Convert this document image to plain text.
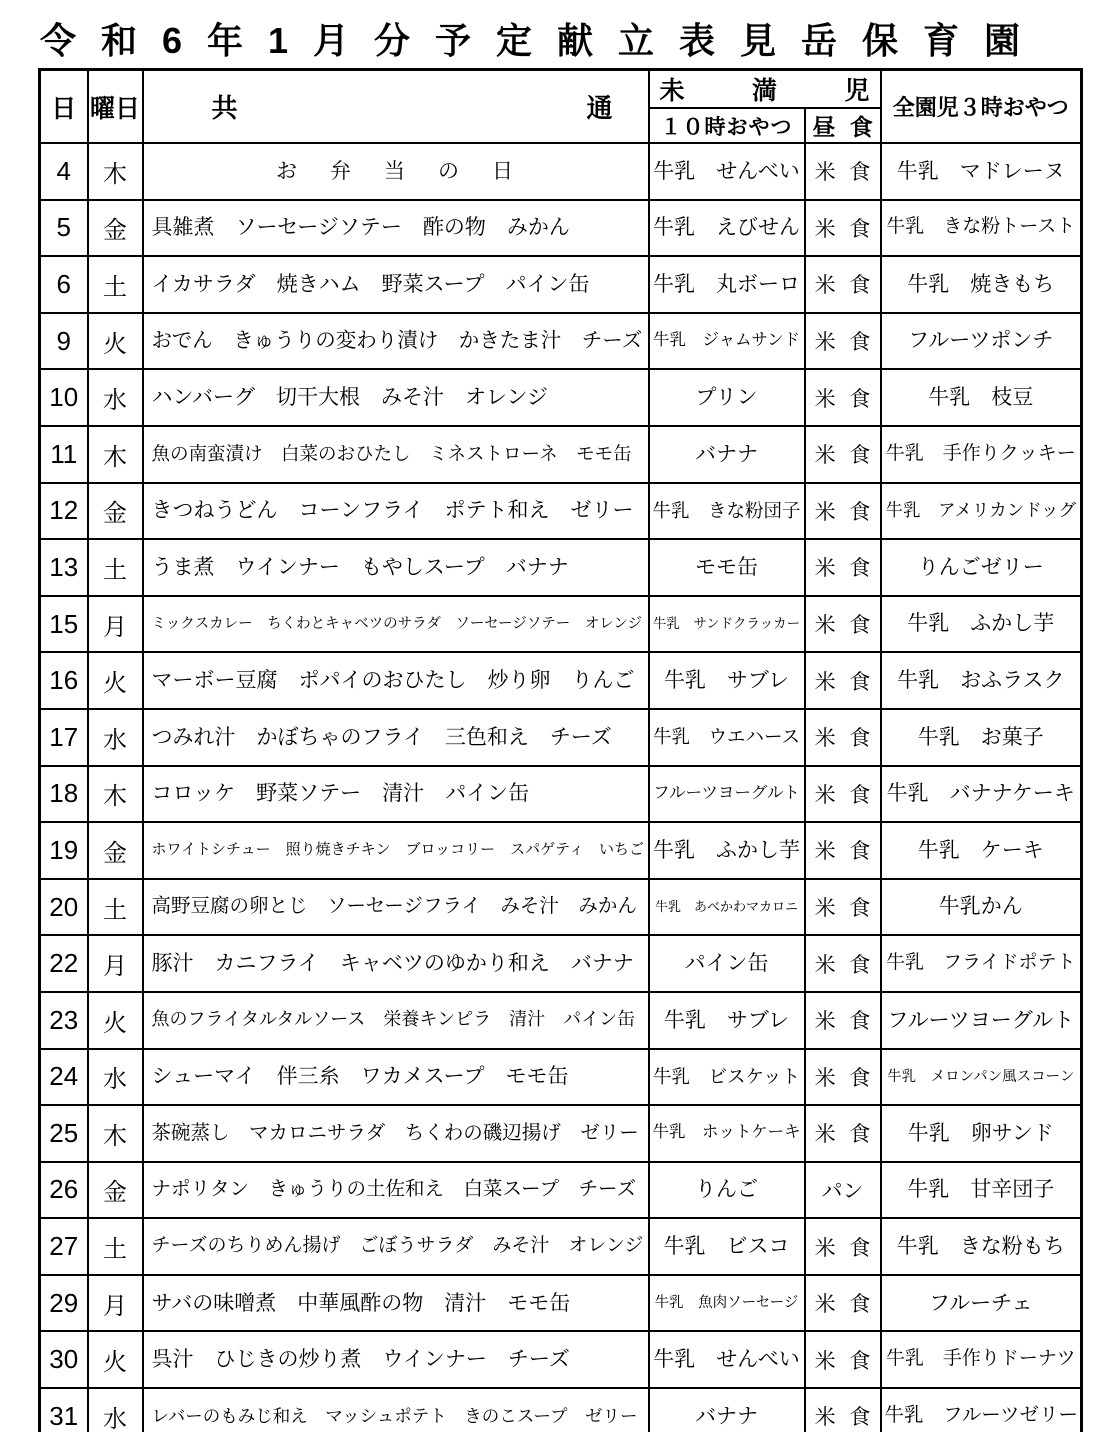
令和6年1月分予定献立表見岳保育園
日	曜日	共 通	未 満 児		全園児３時おやつ
			１０時おやつ	昼 食	
4	木	お　弁　当　の　日	牛乳　せんべい	米 食	牛乳　マドレーヌ
5	金	具雑煮　ソーセージソテー　酢の物　みかん	牛乳　えびせん	米 食	牛乳　きな粉トースト
6	土	イカサラダ　焼きハム　野菜スープ　パイン缶	牛乳　丸ボーロ	米 食	牛乳　焼きもち
9	火	おでん　きゅうりの変わり漬け　かきたま汁　チーズ	牛乳　ジャムサンド	米 食	フルーツポンチ
10	水	ハンバーグ　切干大根　みそ汁　オレンジ	プリン	米 食	牛乳　枝豆
11	木	魚の南蛮漬け　白菜のおひたし　ミネストローネ　モモ缶	バナナ	米 食	牛乳　手作りクッキー
12	金	きつねうどん　コーンフライ　ポテト和え　ゼリー	牛乳　きな粉団子	米 食	牛乳　アメリカンドッグ
13	土	うま煮　ウインナー　もやしスープ　バナナ	モモ缶	米 食	りんごゼリー
15	月	ミックスカレー　ちくわとキャベツのサラダ　ソーセージソテー　オレンジ	牛乳　サンドクラッカー	米 食	牛乳　ふかし芋
16	火	マーボー豆腐　ポパイのおひたし　炒り卵　りんご	牛乳　サブレ	米 食	牛乳　おふラスク
17	水	つみれ汁　かぼちゃのフライ　三色和え　チーズ	牛乳　ウエハース	米 食	牛乳　お菓子
18	木	コロッケ　野菜ソテー　清汁　パイン缶	フルーツヨーグルト	米 食	牛乳　バナナケーキ
19	金	ホワイトシチュー　照り焼きチキン　ブロッコリー　スパゲティ　いちご	牛乳　ふかし芋	米 食	牛乳　ケーキ
20	土	高野豆腐の卵とじ　ソーセージフライ　みそ汁　みかん	牛乳　あべかわマカロニ	米 食	牛乳かん
22	月	豚汁　カニフライ　キャベツのゆかり和え　バナナ	パイン缶	米 食	牛乳　フライドポテト
23	火	魚のフライタルタルソース　栄養キンピラ　清汁　パイン缶	牛乳　サブレ	米 食	フルーツヨーグルト
24	水	シューマイ　伴三糸　ワカメスープ　モモ缶	牛乳　ビスケット	米 食	牛乳　メロンパン風スコーン
25	木	茶碗蒸し　マカロニサラダ　ちくわの磯辺揚げ　ゼリー	牛乳　ホットケーキ	米 食	牛乳　卵サンド
26	金	ナポリタン　きゅうりの土佐和え　白菜スープ　チーズ	りんご	パン	牛乳　甘辛団子
27	土	チーズのちりめん揚げ　ごぼうサラダ　みそ汁　オレンジ	牛乳　ビスコ	米 食	牛乳　きな粉もち
29	月	サバの味噌煮　中華風酢の物　清汁　モモ缶	牛乳　魚肉ソーセージ	米 食	フルーチェ
30	火	呉汁　ひじきの炒り煮　ウインナー　チーズ	牛乳　せんべい	米 食	牛乳　手作りドーナツ
31	水	レバーのもみじ和え　マッシュポテト　きのこスープ　ゼリー	バナナ	米 食	牛乳　フルーツゼリー
